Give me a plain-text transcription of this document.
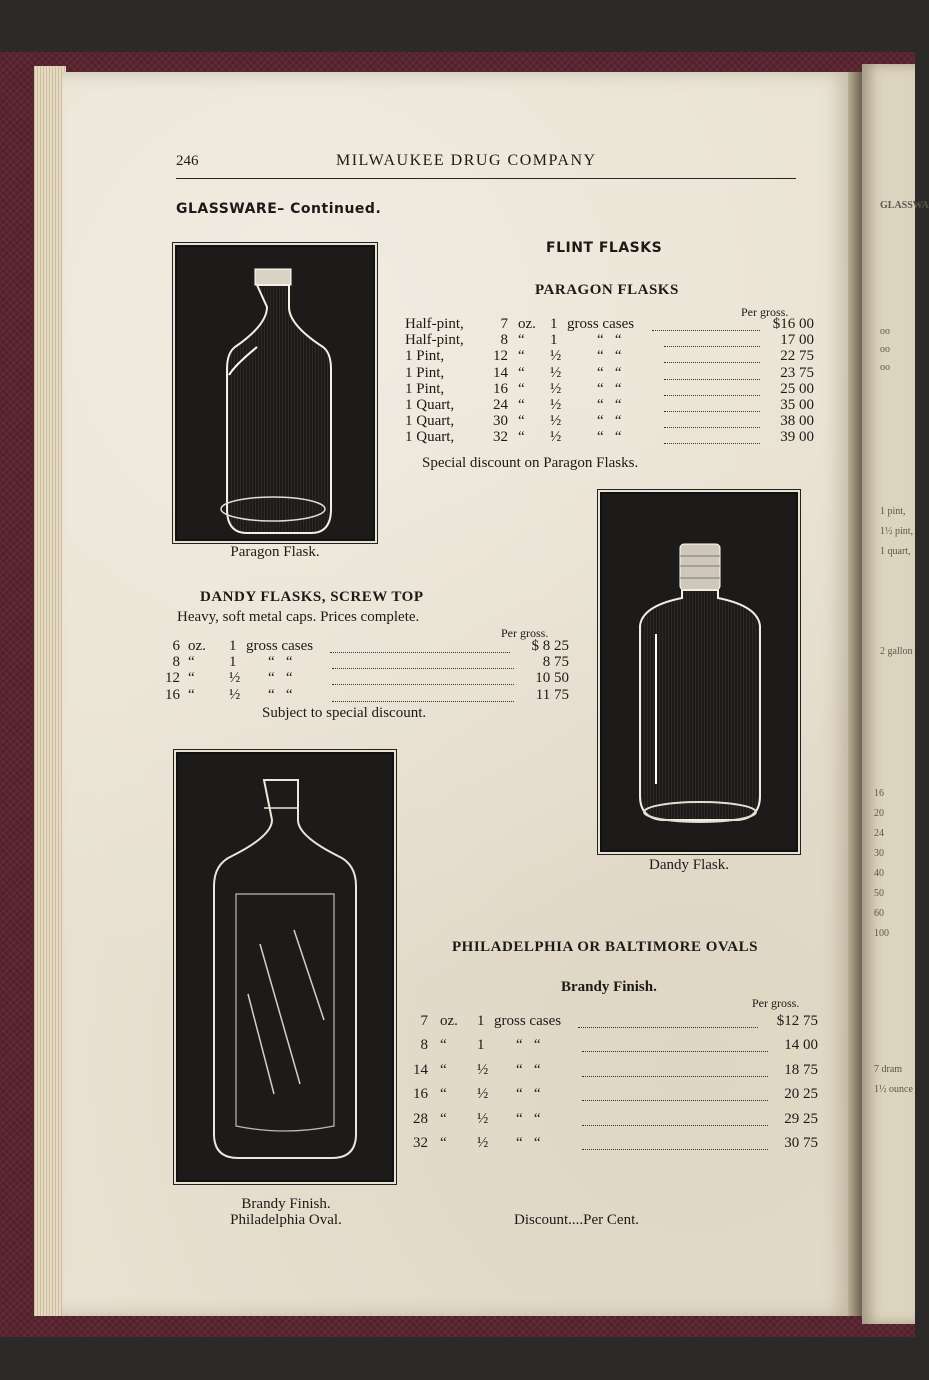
GLASSWA
oo
oo
oo
1 pint,
1½ pint,
1 quart,
2 gallon
16
20
24
30
40
50
60
100
7 dram
1½ ounce
246	MILWAUKEE DRUG COMPANY
GLASSWARE– Continued.
Paragon Flask.
FLINT FLASKS
PARAGON FLASKS
Per gross.
Half-pint,	7 oz. 1 gross cases	$16 00
Half-pint,	8 “ 1	“   “	17 00
1 Pint,	12 “ ½ “   “	22 75
1 Pint,	14 “ ½ “   “	23 75
1 Pint,	16 “ ½ “   “	25 00
1 Quart,	24 “ ½ “   “	35 00
1 Quart,	30 “ ½ “   “	38 00
1 Quart,	32 “ ½ “   “	39 00
Special discount on Paragon Flasks.
Dandy Flask.
DANDY FLASKS, SCREW TOP
Heavy, soft metal caps. Prices complete.
Per gross.
6 oz. 1 gross cases	$ 8 25
8 “ 1 “   “	8 75
12 “ ½ “   “	10 50
16 “ ½ “   “	11 75
Subject to special discount.
Brandy Finish.
Philadelphia Oval.
PHILADELPHIA OR BALTIMORE OVALS
Brandy Finish.
Per gross.
7 oz. 1 gross cases	$12 75
8 “ 1 “   “	14 00
14 “ ½ “   “	18 75
16 “ ½ “   “	20 25
28 “ ½ “   “	29 25
32 “ ½ “   “	30 75
Discount....Per Cent.
